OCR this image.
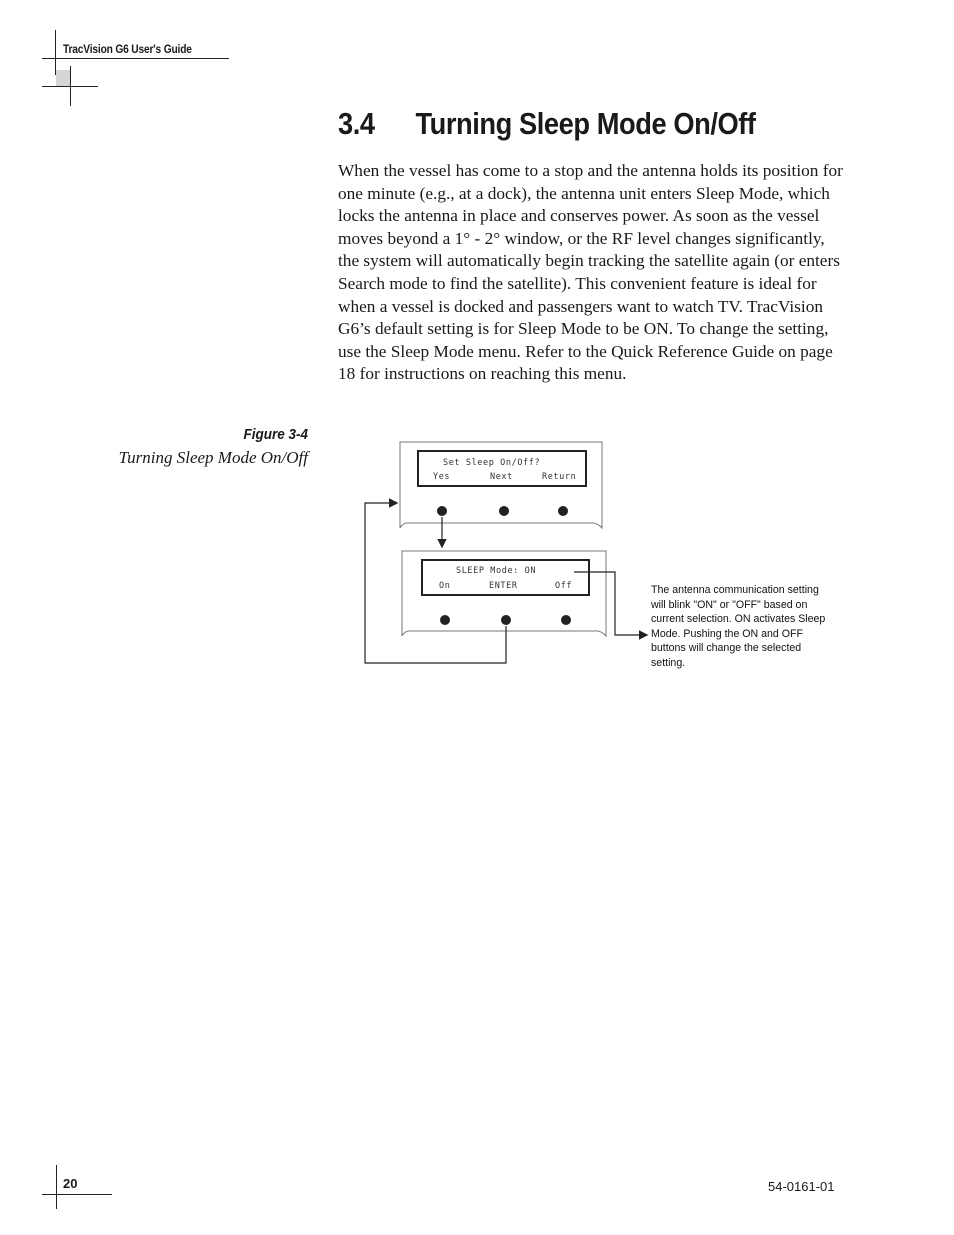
TracVision G6 User's Guide
3.4 Turning Sleep Mode On/Off
When the vessel has come to a stop and the antenna holds its position for one minute (e.g., at a dock), the antenna unit enters Sleep Mode, which locks the antenna in place and conserves power. As soon as the vessel moves beyond a 1° - 2° window, or the RF level changes significantly, the system will automatically begin tracking the satellite again (or enters Search mode to find the satellite). This convenient feature is ideal for when a vessel is docked and passengers want to watch TV. TracVision G6’s default setting is for Sleep Mode to be ON. To change the setting, use the Sleep Mode menu. Refer to the Quick Reference Guide on page 18 for instructions on reaching this menu.
Figure 3-4
Turning Sleep Mode On/Off	Set Sleep On/Off?
Yes	Next	Return
SLEEP Mode: ON
On	ENTER	Off	The antenna communication setting will blink "ON" or "OFF" based on current selection. ON activates Sleep Mode. Pushing the ON and OFF buttons will change the selected setting.
20	54-0161-01
